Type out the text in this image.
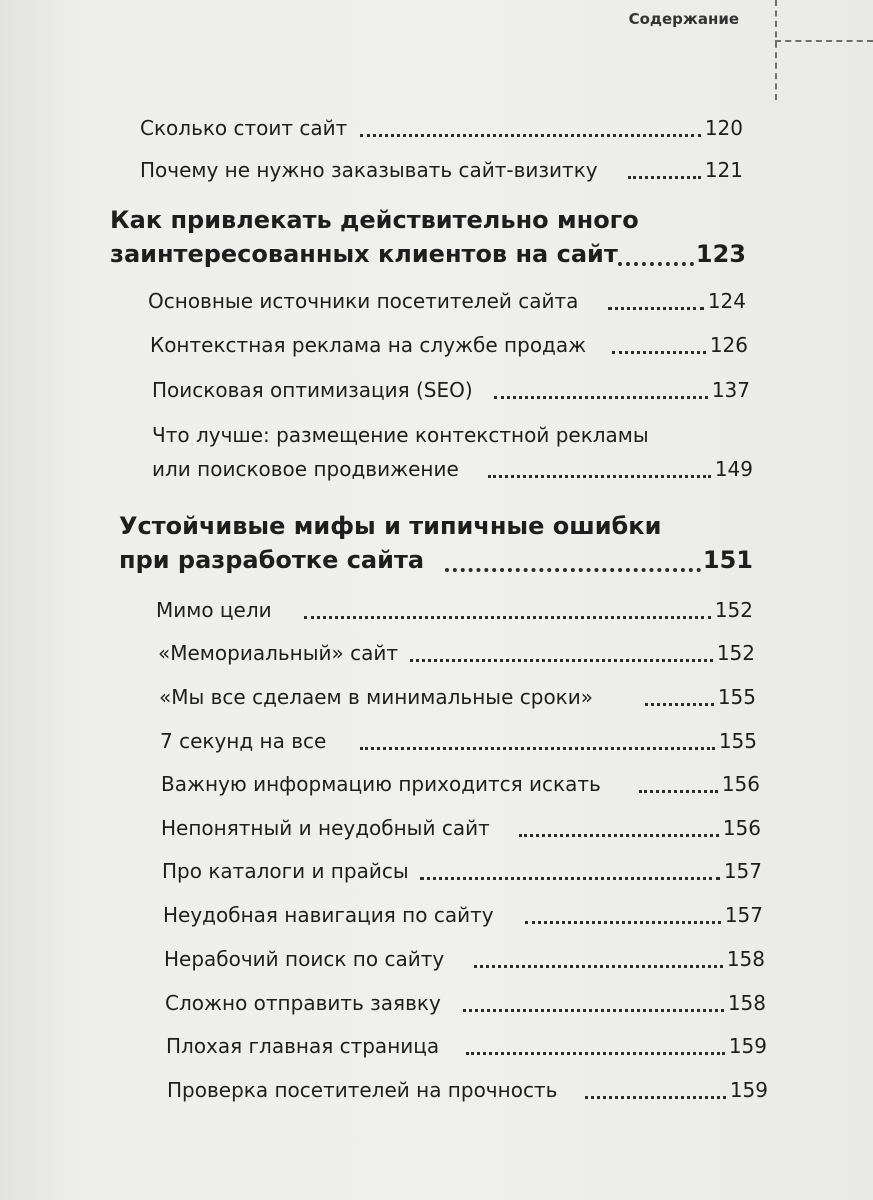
Содержание
Сколько стоит сайт	120
Почему не нужно заказывать сайт-визитку	121
Как привлекать действительно много
заинтересованных клиентов на сайт	123
Основные источники посетителей сайта	124
Контекстная реклама на службе продаж	126
Поисковая оптимизация (SEO)	137
Что лучше: размещение контекстной рекламы
или поисковое продвижение	149
Устойчивые мифы и типичные ошибки
при разработке сайта	151
Мимо цели	152
«Мемориальный» сайт	152
«Мы все сделаем в минимальные сроки»	155
7 секунд на все	155
Важную информацию приходится искать	156
Непонятный и неудобный сайт	156
Про каталоги и прайсы	157
Неудобная навигация по сайту	157
Нерабочий поиск по сайту	158
Сложно отправить заявку	158
Плохая главная страница	159
Проверка посетителей на прочность	159
